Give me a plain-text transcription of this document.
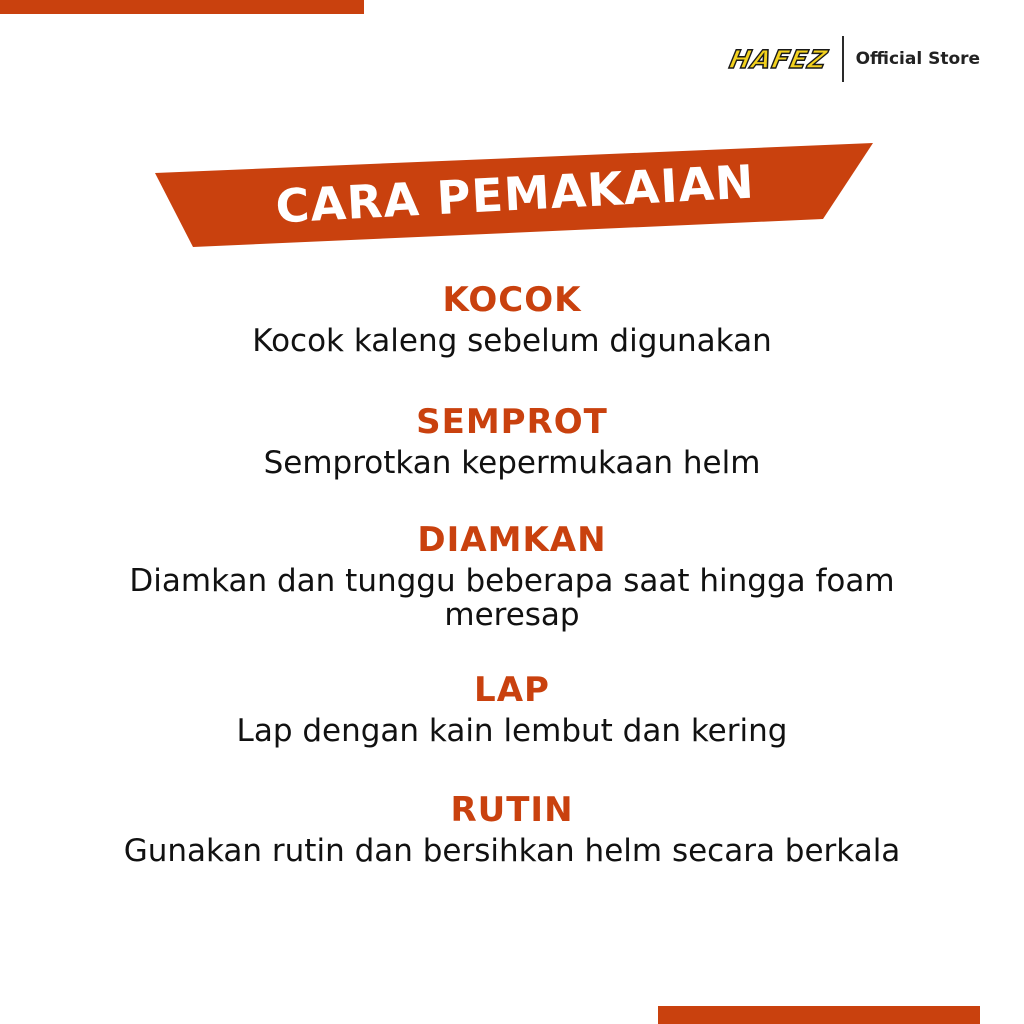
HAFEZ	Official Store
CARA PEMAKAIAN
KOCOK
Kocok kaleng sebelum digunakan
SEMPROT
Semprotkan kepermukaan helm
DIAMKAN
Diamkan dan tunggu beberapa saat hingga foam meresap
LAP
Lap dengan kain lembut dan kering
RUTIN
Gunakan rutin dan bersihkan helm secara berkala
